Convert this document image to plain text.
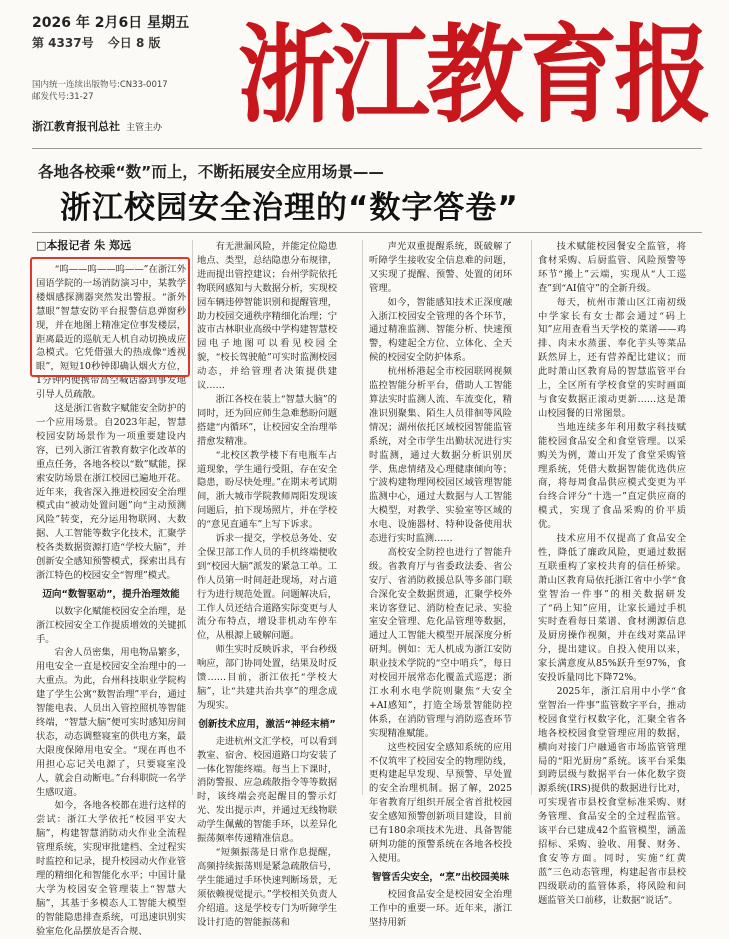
2026 年 2月6日 星期五
第 4337号 今日 8 版
国内统一连续出版物号:CN33-0017
邮发代号:31-27
浙江教育报刊总社 主管主办 浙江教育报
各地各校乘“数”而上，不断拓展安全应用场景——
浙江校园安全治理的“数字答卷”
□本报记者 朱 郑远

“呜——呜——呜——”在浙江外国语学院的一场消防演习中，某教学楼烟感探测器突然发出警报。“浙外慧眼”智慧安防平台报警信息弹窗秒现，并在地图上精准定位事发楼层，距离最近的巡航无人机自动切换成应急模式。它凭借强大的热成像“透视眼”，短短10秒钟即确认烟火方位，1分钟内便携带高空喊话器到事发地引导人员疏散。

这是浙江省数字赋能安全防护的一个应用场景。自2023年起，智慧校园安防场景作为一项重要建设内容，已列入浙江省教育数字化改革的重点任务，各地各校以“数”赋能，探索安防场景在浙江校园已遍地开花。近年来，我省深入推进校园安全治理模式由“被动处置问题”向“主动预测风险”转变，充分运用物联网、大数据、人工智能等数字化技术，汇聚学校各类数据资源打造“学校大脑”，并创新安全感知预警模式，探索出具有浙江特色的校园安全“智理”模式。

迈向“数智驱动”，提升治理效能

以数字化赋能校园安全治理，是浙江校园安全工作提质增效的关键抓手。

宕舍人员密集，用电物品繁多，用电安全一直是校园安全治理中的一大重点。为此，台州科技职业学院构建了学生公寓“数智治理”平台，通过智能电表、人员出入管控照机等智能终端，“智慧大脑”便可实时感知房间状态，动态调整寝室的供电方案，最大限度保障用电安全。“现在再也不用担心忘记关电源了，只要寝室没人，就会自动断电。”台科职院一名学生感叹道。

如今，各地各校都在进行这样的尝试：浙江大学依托“校园平安大脑”，构建智慧消防动火作业全流程管理系统，实现审批建档、全过程实时监控和记录，提升校园动火作业管理的精细化和智能化水平；中国计量大学为校园安全管理装上“智慧大脑”，其基于多模态人工智能大模型的智能隐患排查系统，可迅速识别实验室危化品摆放是否合规、

有无泄漏风险，并能定位隐患地点、类型，总结隐患分布规律，进而提出管控建议；台州学院依托物联网感知与大数据分析，实现校园车辆违停智能识别和提醒管理，助力校园交通秩序精细化治理；宁波市古林职业高级中学构建智慧校园电子地图可以看见校园全貌，“校长驾驶舱”可实时监测校园动态，并给管理者决策提供建议……

浙江各校在装上“智慧大脑”的同时，还为回应师生急难愁盼问题搭建“内循环”，让校园安全治理举措愈发精准。

“北校区教学楼下有电瓶车占道现象，学生通行受阻，存在安全隐患，盼尽快处理。”在期末考试期间，浙大城市学院教师周阳发现该问题后，拍下现场照片，并在学校的“意见直通车”上写下诉求。

诉求一提交，学校总务处、安全保卫部工作人员的手机终端便收到“校园大脑”派发的紧急工单。工作人员第一时间赶赴现场，对占道行为进行规范处置。问题解决后，工作人员还结合道路实际变更与人流分布特点，增设非机动车停车位，从根源上破解问题。

师生实时反映诉求，平台秒级响应，部门协同处置，结果及时反馈……目前，浙江依托“学校大脑”，让“共建共治共享”的理念成为现实。

创新技术应用，激活“神经末梢”

走进杭州文汇学校，可以看到教室、宿舍、校园道路口均安装了一体化智能终端。每当上下课时，消防警报、应急疏散指令等等数据时，该终端会亮起醒目的警示灯光、发出提示声，并通过无线物联动学生佩戴的智能手环，以差异化振荡频率传递精准信息。

“短频振荡是日常作息提醒，高频持续振荡则是紧急疏散信号，学生能通过手环快速判断场景，无须依赖视觉提示。”学校相关负责人介绍道。这是学校专门为听障学生设计打造的智能振荡和

声光双重提醒系统，既破解了听障学生接收安全信息难的问题，又实现了提醒、预警、处置的闭环管理。

如今，智能感知技术正深度融入浙江校园安全管理的各个环节，通过精准监测、智能分析、快速预警，构建起全方位、立体化、全天候的校园安全防护体系。

杭州桥港起全市校园联网视频监控智能分析平台，借助人工智能算法实时监测人流、车流变化，精准识别聚集、陌生人员徘徊等风险情况；湖州依托区域校园智能监管系统，对全市学生出勤状况进行实时监测，通过大数据分析识别厌学、焦虑情绪及心理健康倾向等；宁波构建物理网校园区域管理智能监测中心，通过大数据与人工智能大模型，对教学、实验室等区域的水电、设施器材、特种设备使用状态进行实时监测……

高校安全防控也进行了智能升级。省教育厅与省委政法委、省公安厅、省消防救援总队等多部门联合深化安全数据贯通，汇聚学校外来访客登记、消防检查记录、实验室安全管理、危化品管理等数据，通过人工智能大模型开展深度分析研判。例如：无人机成为浙江安防职业技术学院的“空中哨兵”，每日对校园开展常态化覆盖式巡逻；浙江水利水电学院则聚焦“大安全+AI感知”，打造全场景智能防控体系，在消防管理与消防巡查环节实现精准赋能。

这些校园安全感知系统的应用不仅筑牢了校园安全的物理防线，更构建起早发现、早预警、早处置的安全治理机制。据了解，2025年省教育厅组织开展全省首批校园安全感知预警创新项目建设，目前已有180余项技术先进、具备智能研判功能的预警系统在各地各校投入使用。

智管舌尖安全，“烹”出校园美味

校园食品安全是校园安全治理工作中的重要一环。近年来，浙江坚持用新

技术赋能校园餐安全监管，将食材采购、后厨监管、风险预警等环节“搬上”云端，实现从“人工巡查”到“AI值守”的全新升级。

每天，杭州市萧山区江南初级中学家长有女士都会通过“码上知”应用查看当天学校的菜谱——鸡排、肉末水蒸蛋、奉化芋头等菜品跃然屏上，还有营养配比建议；而此时萧山区教育局的智慧监管平台上，全区所有学校食堂的实时画面与食安数据正滚动更新……这是萧山校园餐的日常图景。

当地连续多年利用数字科技赋能校园食品安全和食堂管理。以采购关为例，萧山开发了食堂采购管理系统，凭借大数据智能优选供应商，将每周食品供应模式变更为平台终合评分“十选一”直定供应商的模式，实现了食品采购的价平质优。

技术应用不仅提高了食品安全性，降低了廉政风险，更通过数据互联重构了家校共育的信任桥梁。萧山区教育局依托浙江省中小学“食堂智治一件事”的相关数据研发了“码上知”应用，让家长通过手机实时查看每日菜谱、食材溯源信息及厨房操作视频，并在线对菜品评分，提出建议。自投入使用以来，家长满意度从85%跃升至97%，食安投诉量同比下降72%。

2025年，浙江启用中小学“食堂智治一件事”监管数字平台，推动校园食堂行权数字化，汇聚全省各地各校校园食堂管理应用的数据，横向对接门户融通省市场监管管理局的“阳光厨房”系统。该平台采集到跨层级与数据平台一体化数字资源系统(IRS)提供的数据进行比对，可实现省市县校食堂标准采购、财务管理、食品安全的全过程监管。该平台已建成42个监管模型，涵盖招标、采购、验收、用餐、财务、食安等方面。同时，实施“红黄蓝”三色动态管理，构建起省市县校四级联动的监管体系，将风险和问题监管关口前移，让数据“说话”。
